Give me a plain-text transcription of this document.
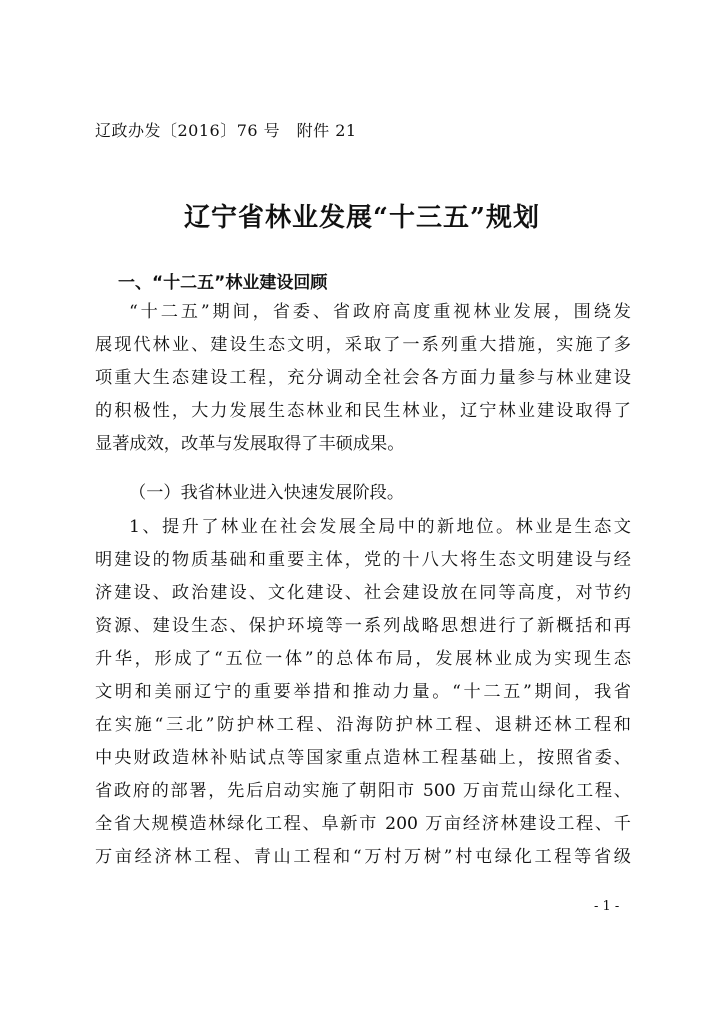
辽政办发〔2016〕76 号　附件 21
辽宁省林业发展“十三五”规划
一、“十二五”林业建设回顾
“十二五”期间，省委、省政府高度重视林业发展，围绕发
展现代林业、建设生态文明，采取了一系列重大措施，实施了多
项重大生态建设工程，充分调动全社会各方面力量参与林业建设
的积极性，大力发展生态林业和民生林业，辽宁林业建设取得了
显著成效，改革与发展取得了丰硕成果。
（一）我省林业进入快速发展阶段。
1、提升了林业在社会发展全局中的新地位。林业是生态文
明建设的物质基础和重要主体，党的十八大将生态文明建设与经
济建设、政治建设、文化建设、社会建设放在同等高度，对节约
资源、建设生态、保护环境等一系列战略思想进行了新概括和再
升华，形成了“五位一体”的总体布局，发展林业成为实现生态
文明和美丽辽宁的重要举措和推动力量。“十二五”期间，我省
在实施“三北”防护林工程、沿海防护林工程、退耕还林工程和
中央财政造林补贴试点等国家重点造林工程基础上，按照省委、
省政府的部署，先后启动实施了朝阳市 500 万亩荒山绿化工程、
全省大规模造林绿化工程、阜新市 200 万亩经济林建设工程、千
万亩经济林工程、青山工程和“万村万树”村屯绿化工程等省级
- 1 -
